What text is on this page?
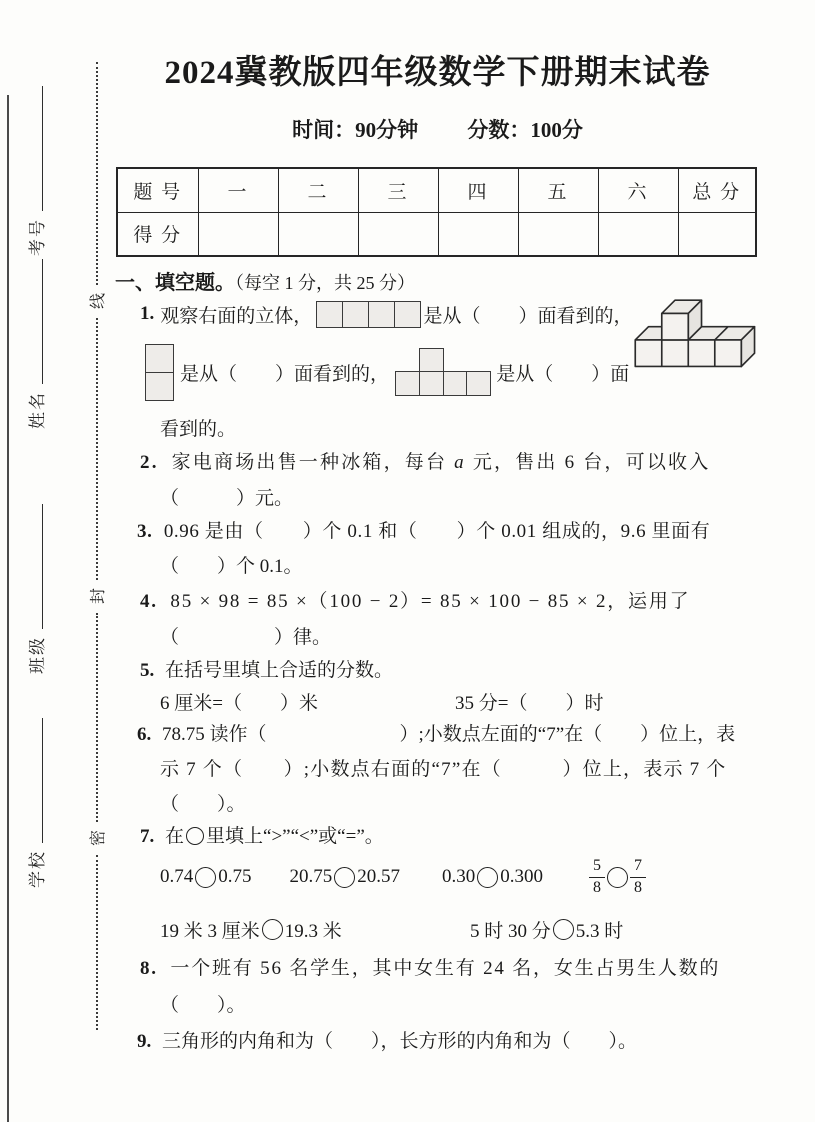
考号
姓名
班级
学校
线
封
密
2024冀教版四年级数学下册期末试卷
时间：90分钟 分数：100分
题 号	一	二	三	四	五	六	总 分
得 分							
一、填空题。（每空 1 分，共 25 分）
1. 观察右面的立体，	是从（　　）面看到的，
是从（　　）面看到的，	是从（　　）面
看到的。
2. 家电商场出售一种冰箱，每台 a 元，售出 6 台，可以收入
（　　　）元。
3. 0.96 是由（　　）个 0.1 和（　　）个 0.01 组成的，9.6 里面有
（　　）个 0.1。
4. 85 × 98 = 85 ×（100 − 2）= 85 × 100 − 85 × 2，运用了
（　　　　　）律。
5. 在括号里填上合适的分数。
6 厘米=（　　）米	35 分=（　　）时
6. 78.75 读作（　　　　　　　）;小数点左面的“7”在（　　）位上，表
示 7 个（　　）;小数点右面的“7”在（　　　）位上，表示 7 个
（　　）。
7. 在 里填上“>”“<”或“=”。
0.74 0.75 20.75 20.57 0.30 0.300	$\frac{5}{8} \frac{7}{8}$
19 米 3 厘米 19.3 米	5 时 30 分 5.3 时
8. 一个班有 56 名学生，其中女生有 24 名，女生占男生人数的
（　　）。
9. 三角形的内角和为（　　），长方形的内角和为（　　）。
